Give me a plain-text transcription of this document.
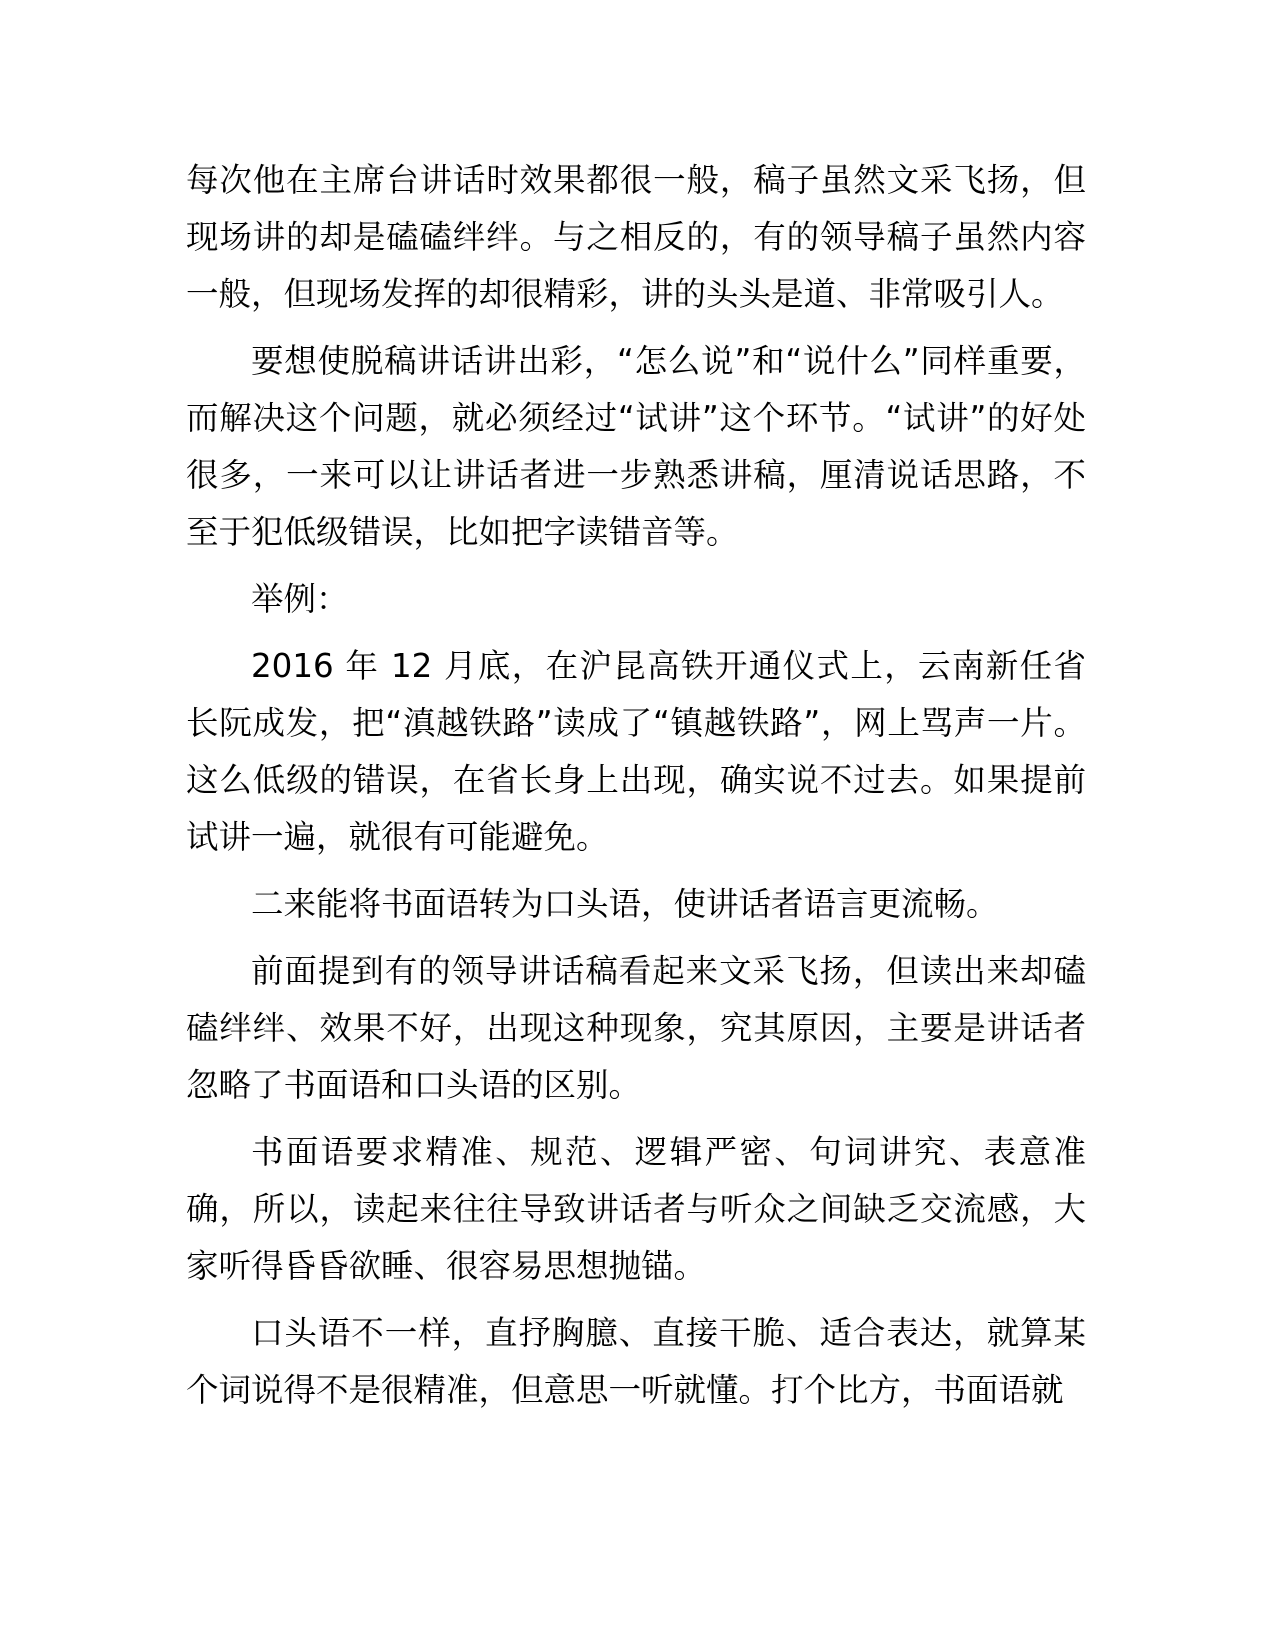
每次他在主席台讲话时效果都很一般，稿子虽然文采飞扬，但现场讲的却是磕磕绊绊。与之相反的，有的领导稿子虽然内容一般，但现场发挥的却很精彩，讲的头头是道、非常吸引人。

要想使脱稿讲话讲出彩，“怎么说”和“说什么”同样重要，而解决这个问题，就必须经过“试讲”这个环节。“试讲”的好处很多，一来可以让讲话者进一步熟悉讲稿，厘清说话思路，不至于犯低级错误，比如把字读错音等。

举例：

2016 年 12 月底，在沪昆高铁开通仪式上，云南新任省长阮成发，把“滇越铁路”读成了“镇越铁路”，网上骂声一片。这么低级的错误，在省长身上出现，确实说不过去。如果提前试讲一遍，就很有可能避免。

二来能将书面语转为口头语，使讲话者语言更流畅。

前面提到有的领导讲话稿看起来文采飞扬，但读出来却磕磕绊绊、效果不好，出现这种现象，究其原因，主要是讲话者忽略了书面语和口头语的区别。

书面语要求精准、规范、逻辑严密、句词讲究、表意准确，所以，读起来往往导致讲话者与听众之间缺乏交流感，大家听得昏昏欲睡、很容易思想抛锚。

口头语不一样，直抒胸臆、直接干脆、适合表达，就算某个词说得不是很精准，但意思一听就懂。打个比方，书面语就
